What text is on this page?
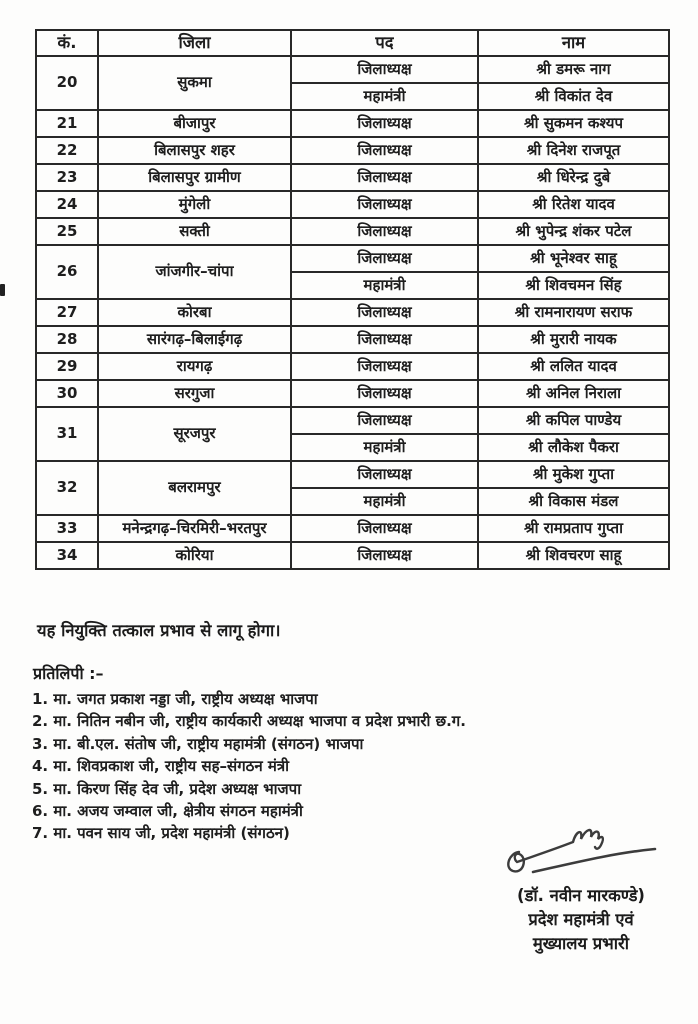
कं.	जिला	पद	नाम
20	सुकमा	जिलाध्यक्ष	श्री डमरू नाग
		महामंत्री	श्री विकांत देव
21	बीजापुर	जिलाध्यक्ष	श्री सुकमन कश्यप
22	बिलासपुर शहर	जिलाध्यक्ष	श्री दिनेश राजपूत
23	बिलासपुर ग्रामीण	जिलाध्यक्ष	श्री धिरेन्द्र दुबे
24	मुंगेली	जिलाध्यक्ष	श्री रितेश यादव
25	सक्ती	जिलाध्यक्ष	श्री भुपेन्द्र शंकर पटेल
26	जांजगीर–चांपा	जिलाध्यक्ष	श्री भूनेश्वर साहू
		महामंत्री	श्री शिवचमन सिंह
27	कोरबा	जिलाध्यक्ष	श्री रामनारायण सराफ
28	सारंगढ़–बिलाईगढ़	जिलाध्यक्ष	श्री मुरारी नायक
29	रायगढ़	जिलाध्यक्ष	श्री ललित यादव
30	सरगुजा	जिलाध्यक्ष	श्री अनिल निराला
31	सूरजपुर	जिलाध्यक्ष	श्री कपिल पाण्डेय
		महामंत्री	श्री लौकेश पैकरा
32	बलरामपुर	जिलाध्यक्ष	श्री मुकेश गुप्ता
		महामंत्री	श्री विकास मंडल
33	मनेन्द्रगढ़–चिरमिरी–भरतपुर	जिलाध्यक्ष	श्री रामप्रताप गुप्ता
34	कोरिया	जिलाध्यक्ष	श्री शिवचरण साहू

यह नियुक्ति तत्काल प्रभाव से लागू होगा।

प्रतिलिपी :–

1. मा. जगत प्रकाश नड्डा जी, राष्ट्रीय अध्यक्ष भाजपा
2. मा. नितिन नबीन जी, राष्ट्रीय कार्यकारी अध्यक्ष भाजपा व प्रदेश प्रभारी छ.ग.
3. मा. बी.एल. संतोष जी, राष्ट्रीय महामंत्री (संगठन) भाजपा
4. मा. शिवप्रकाश जी, राष्ट्रीय सह–संगठन मंत्री
5. मा. किरण सिंह देव जी, प्रदेश अध्यक्ष भाजपा
6. मा. अजय जम्वाल जी, क्षेत्रीय संगठन महामंत्री
7. मा. पवन साय जी, प्रदेश महामंत्री (संगठन)
(डॉ. नवीन मारकण्डे)
प्रदेश महामंत्री एवं
मुख्यालय प्रभारी
